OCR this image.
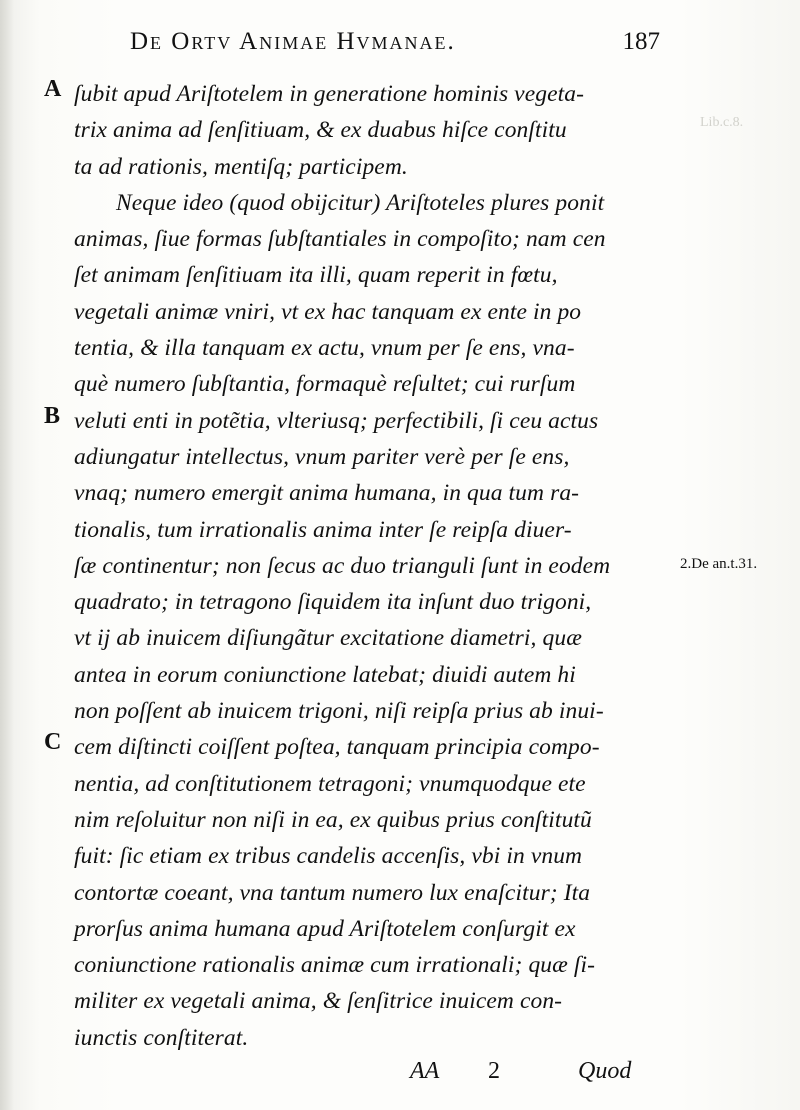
De Ortv Animae Hvmanae.	187
A
B
C
Lib.c.8.
2.De an.t.31.
ſubit apud Ariſtotelem in generatione hominis vegeta-
trix anima ad ſenſitiuam, & ex duabus hiſce conſtitu
ta ad rationis, mentiſq; participem.
Neque ideo (quod obijcitur) Ariſtoteles plures ponit
animas, ſiue formas ſubſtantiales in compoſito; nam cen
ſet animam ſenſitiuam ita illi, quam reperit in fœtu,
vegetali animæ vniri, vt ex hac tanquam ex ente in po
tentia, & illa tanquam ex actu, vnum per ſe ens, vna-
què numero ſubſtantia, formaquè reſultet; cui rurſum
veluti enti in potẽtia, vlteriusq; perfectibili, ſi ceu actus
adiungatur intellectus, vnum pariter verè per ſe ens,
vnaq; numero emergit anima humana, in qua tum ra-
tionalis, tum irrationalis anima inter ſe reipſa diuer-
ſæ continentur; non ſecus ac duo trianguli ſunt in eodem
quadrato; in tetragono ſiquidem ita inſunt duo trigoni,
vt ij ab inuicem diſiungãtur excitatione diametri, quæ
antea in eorum coniunctione latebat; diuidi autem hi
non poſſent ab inuicem trigoni, niſi reipſa prius ab inui-
cem diſtincti coiſſent poſtea, tanquam principia compo-
nentia, ad conſtitutionem tetragoni; vnumquodque ete
nim reſoluitur non niſi in ea, ex quibus prius conſtitutũ
fuit: ſic etiam ex tribus candelis accenſis, vbi in vnum
contortæ coeant, vna tantum numero lux enaſcitur; Ita
prorſus anima humana apud Ariſtotelem conſurgit ex
coniunctione rationalis animæ cum irrationali; quæ ſi-
militer ex vegetali anima, & ſenſitrice inuicem con-
iunctis conſtiterat.
AA 2	Quod
